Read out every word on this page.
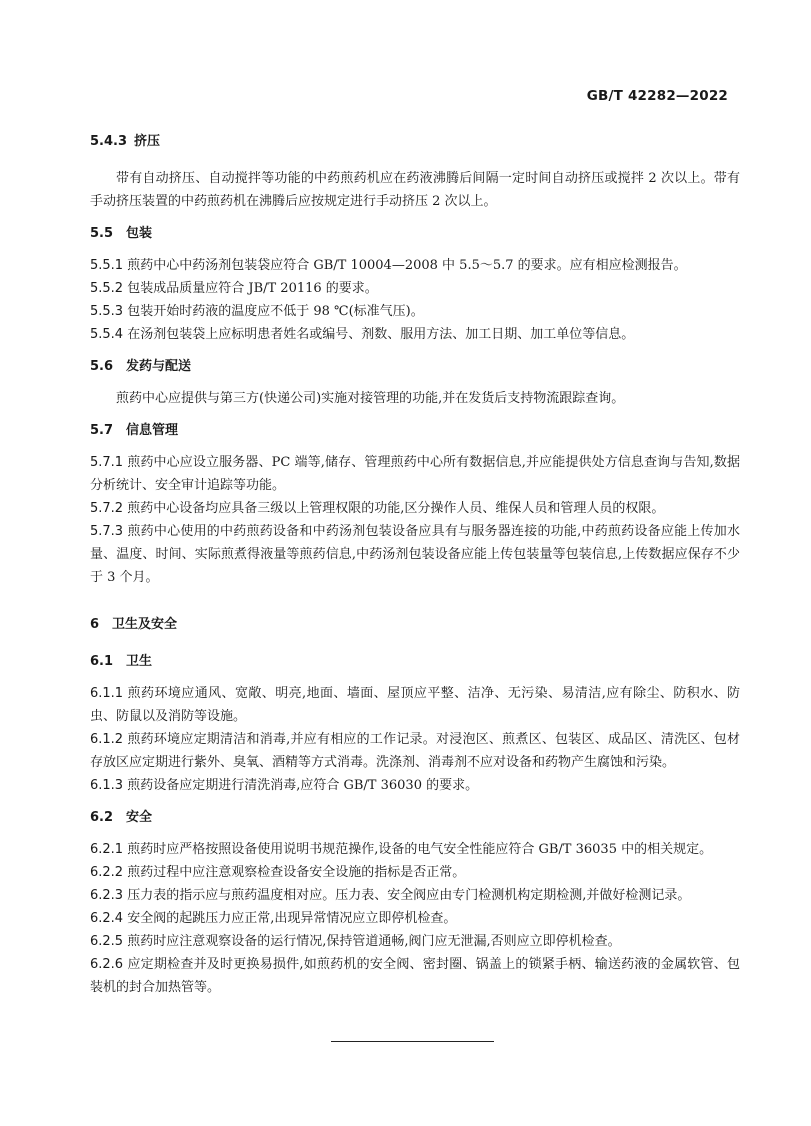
GB/T 42282—2022

5.4.3 挤压

带有自动挤压、自动搅拌等功能的中药煎药机应在药液沸腾后间隔一定时间自动挤压或搅拌 2 次以上。带有手动挤压装置的中药煎药机在沸腾后应按规定进行手动挤压 2 次以上。

5.5 包装

5.5.1 煎药中心中药汤剂包装袋应符合 GB/T 10004—2008 中 5.5～5.7 的要求。应有相应检测报告。

5.5.2 包装成品质量应符合 JB/T 20116 的要求。

5.5.3 包装开始时药液的温度应不低于 98 ℃(标准气压)。

5.5.4 在汤剂包装袋上应标明患者姓名或编号、剂数、服用方法、加工日期、加工单位等信息。

5.6 发药与配送

煎药中心应提供与第三方(快递公司)实施对接管理的功能,并在发货后支持物流跟踪查询。

5.7 信息管理

5.7.1 煎药中心应设立服务器、PC 端等,储存、管理煎药中心所有数据信息,并应能提供处方信息查询与告知,数据分析统计、安全审计追踪等功能。

5.7.2 煎药中心设备均应具备三级以上管理权限的功能,区分操作人员、维保人员和管理人员的权限。

5.7.3 煎药中心使用的中药煎药设备和中药汤剂包装设备应具有与服务器连接的功能,中药煎药设备应能上传加水量、温度、时间、实际煎煮得液量等煎药信息,中药汤剂包装设备应能上传包装量等包装信息,上传数据应保存不少于 3 个月。

6 卫生及安全

6.1 卫生

6.1.1 煎药环境应通风、宽敞、明亮,地面、墙面、屋顶应平整、洁净、无污染、易清洁,应有除尘、防积水、防虫、防鼠以及消防等设施。

6.1.2 煎药环境应定期清洁和消毒,并应有相应的工作记录。对浸泡区、煎煮区、包装区、成品区、清洗区、包材存放区应定期进行紫外、臭氧、酒精等方式消毒。洗涤剂、消毒剂不应对设备和药物产生腐蚀和污染。

6.1.3 煎药设备应定期进行清洗消毒,应符合 GB/T 36030 的要求。

6.2 安全

6.2.1 煎药时应严格按照设备使用说明书规范操作,设备的电气安全性能应符合 GB/T 36035 中的相关规定。

6.2.2 煎药过程中应注意观察检查设备安全设施的指标是否正常。

6.2.3 压力表的指示应与煎药温度相对应。压力表、安全阀应由专门检测机构定期检测,并做好检测记录。

6.2.4 安全阀的起跳压力应正常,出现异常情况应立即停机检查。

6.2.5 煎药时应注意观察设备的运行情况,保持管道通畅,阀门应无泄漏,否则应立即停机检查。

6.2.6 应定期检查并及时更换易损件,如煎药机的安全阀、密封圈、锅盖上的锁紧手柄、输送药液的金属软管、包装机的封合加热管等。
